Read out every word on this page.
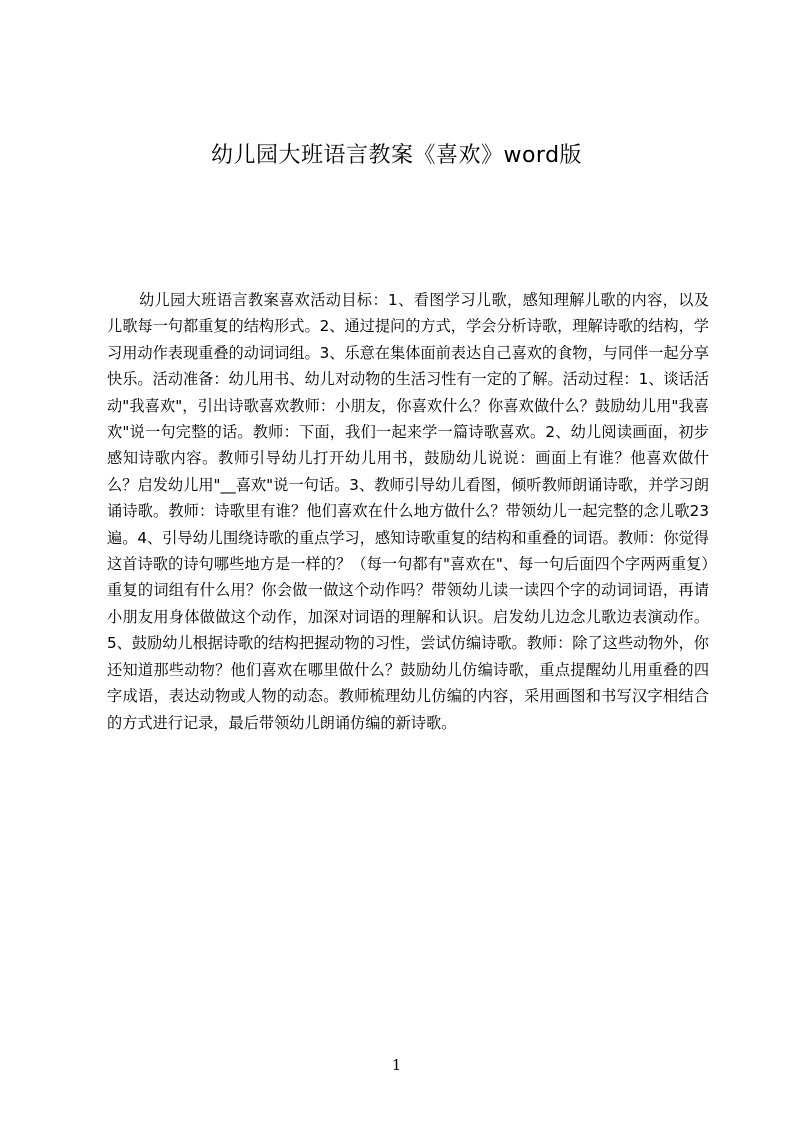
幼儿园大班语言教案《喜欢》word版
幼儿园大班语言教案喜欢活动目标：1、看图学习儿歌，感知理解儿歌的内容，以及儿歌每一句都重复的结构形式。2、通过提问的方式，学会分析诗歌，理解诗歌的结构，学习用动作表现重叠的动词词组。3、乐意在集体面前表达自己喜欢的食物，与同伴一起分享快乐。活动准备：幼儿用书、幼儿对动物的生活习性有一定的了解。活动过程：1、谈话活动"我喜欢"，引出诗歌喜欢教师：小朋友，你喜欢什么？你喜欢做什么？鼓励幼儿用"我喜欢"说一句完整的话。教师：下面，我们一起来学一篇诗歌喜欢。2、幼儿阅读画面，初步感知诗歌内容。教师引导幼儿打开幼儿用书，鼓励幼儿说说：画面上有谁？他喜欢做什么？启发幼儿用"__喜欢"说一句话。3、教师引导幼儿看图，倾听教师朗诵诗歌，并学习朗诵诗歌。教师：诗歌里有谁？他们喜欢在什么地方做什么？带领幼儿一起完整的念儿歌23遍。4、引导幼儿围绕诗歌的重点学习，感知诗歌重复的结构和重叠的词语。教师：你觉得这首诗歌的诗句哪些地方是一样的？（每一句都有"喜欢在"、每一句后面四个字两两重复）重复的词组有什么用？你会做一做这个动作吗？带领幼儿读一读四个字的动词词语，再请小朋友用身体做做这个动作，加深对词语的理解和认识。启发幼儿边念儿歌边表演动作。5、鼓励幼儿根据诗歌的结构把握动物的习性，尝试仿编诗歌。教师：除了这些动物外，你还知道那些动物？他们喜欢在哪里做什么？鼓励幼儿仿编诗歌，重点提醒幼儿用重叠的四字成语，表达动物或人物的动态。教师梳理幼儿仿编的内容，采用画图和书写汉字相结合的方式进行记录，最后带领幼儿朗诵仿编的新诗歌。
1
